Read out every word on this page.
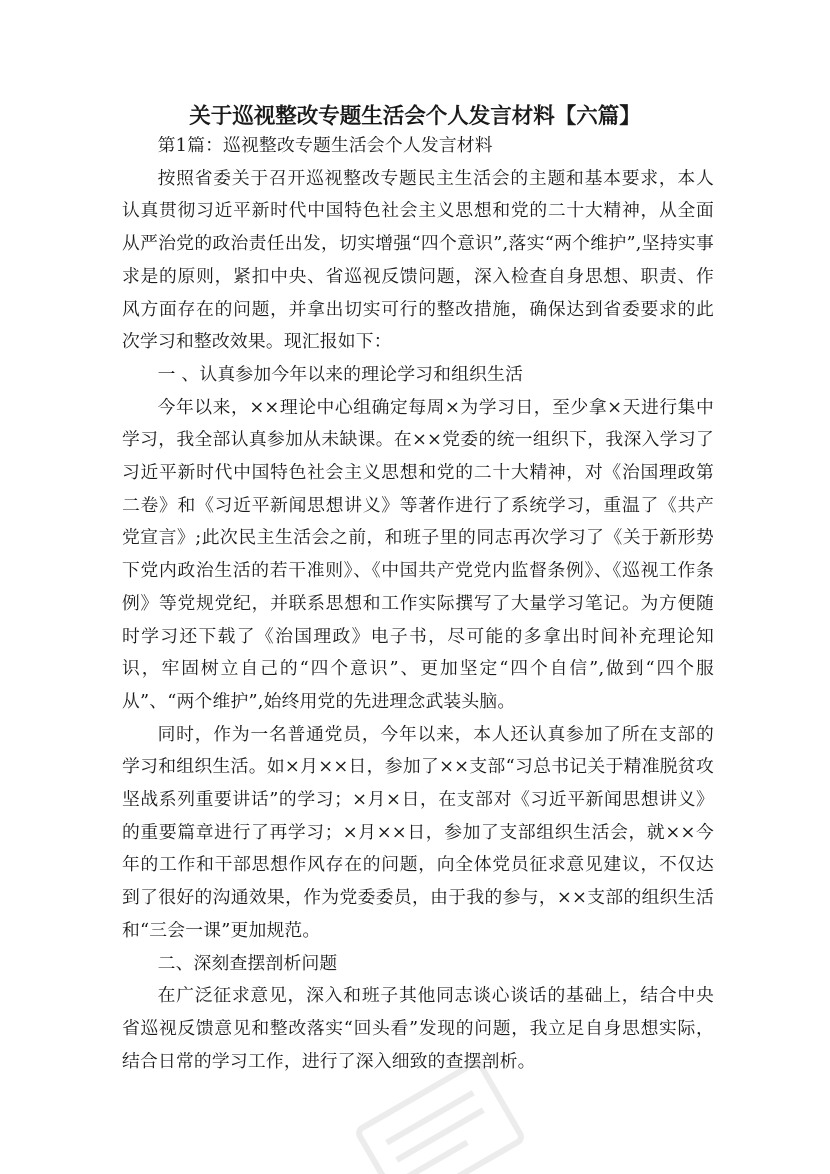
关于巡视整改专题生活会个人发言材料【六篇】

第1篇：巡视整改专题生活会个人发言材料

按照省委关于召开巡视整改专题民主生活会的主题和基本要求，本人认真贯彻习近平新时代中国特色社会主义思想和党的二十大精神，从全面从严治党的政治责任出发，切实增强“四个意识”,落实“两个维护”,坚持实事求是的原则，紧扣中央、省巡视反馈问题，深入检查自身思想、职责、作风方面存在的问题，并拿出切实可行的整改措施，确保达到省委要求的此次学习和整改效果。现汇报如下：

一 、认真参加今年以来的理论学习和组织生活

今年以来，××理论中心组确定每周×为学习日，至少拿×天进行集中学习，我全部认真参加从未缺课。在××党委的统一组织下，我深入学习了习近平新时代中国特色社会主义思想和党的二十大精神，对《治国理政第二卷》和《习近平新闻思想讲义》等著作进行了系统学习，重温了《共产党宣言》;此次民主生活会之前，和班子里的同志再次学习了《关于新形势下党内政治生活的若干准则》、《中国共产党党内监督条例》、《巡视工作条例》等党规党纪，并联系思想和工作实际撰写了大量学习笔记。为方便随时学习还下载了《治国理政》电子书，尽可能的多拿出时间补充理论知识，牢固树立自己的“四个意识”、更加坚定“四个自信”,做到“四个服从”、“两个维护”,始终用党的先进理念武装头脑。

同时，作为一名普通党员，今年以来，本人还认真参加了所在支部的学习和组织生活。如×月××日，参加了××支部“习总书记关于精准脱贫攻坚战系列重要讲话”的学习；×月×日，在支部对《习近平新闻思想讲义》的重要篇章进行了再学习；×月××日，参加了支部组织生活会，就××今年的工作和干部思想作风存在的问题，向全体党员征求意见建议，不仅达到了很好的沟通效果，作为党委委员，由于我的参与，××支部的组织生活和“三会一课”更加规范。

二、深刻查摆剖析问题

在广泛征求意见，深入和班子其他同志谈心谈话的基础上，结合中央省巡视反馈意见和整改落实“回头看”发现的问题，我立足自身思想实际，结合日常的学习工作，进行了深入细致的查摆剖析。
